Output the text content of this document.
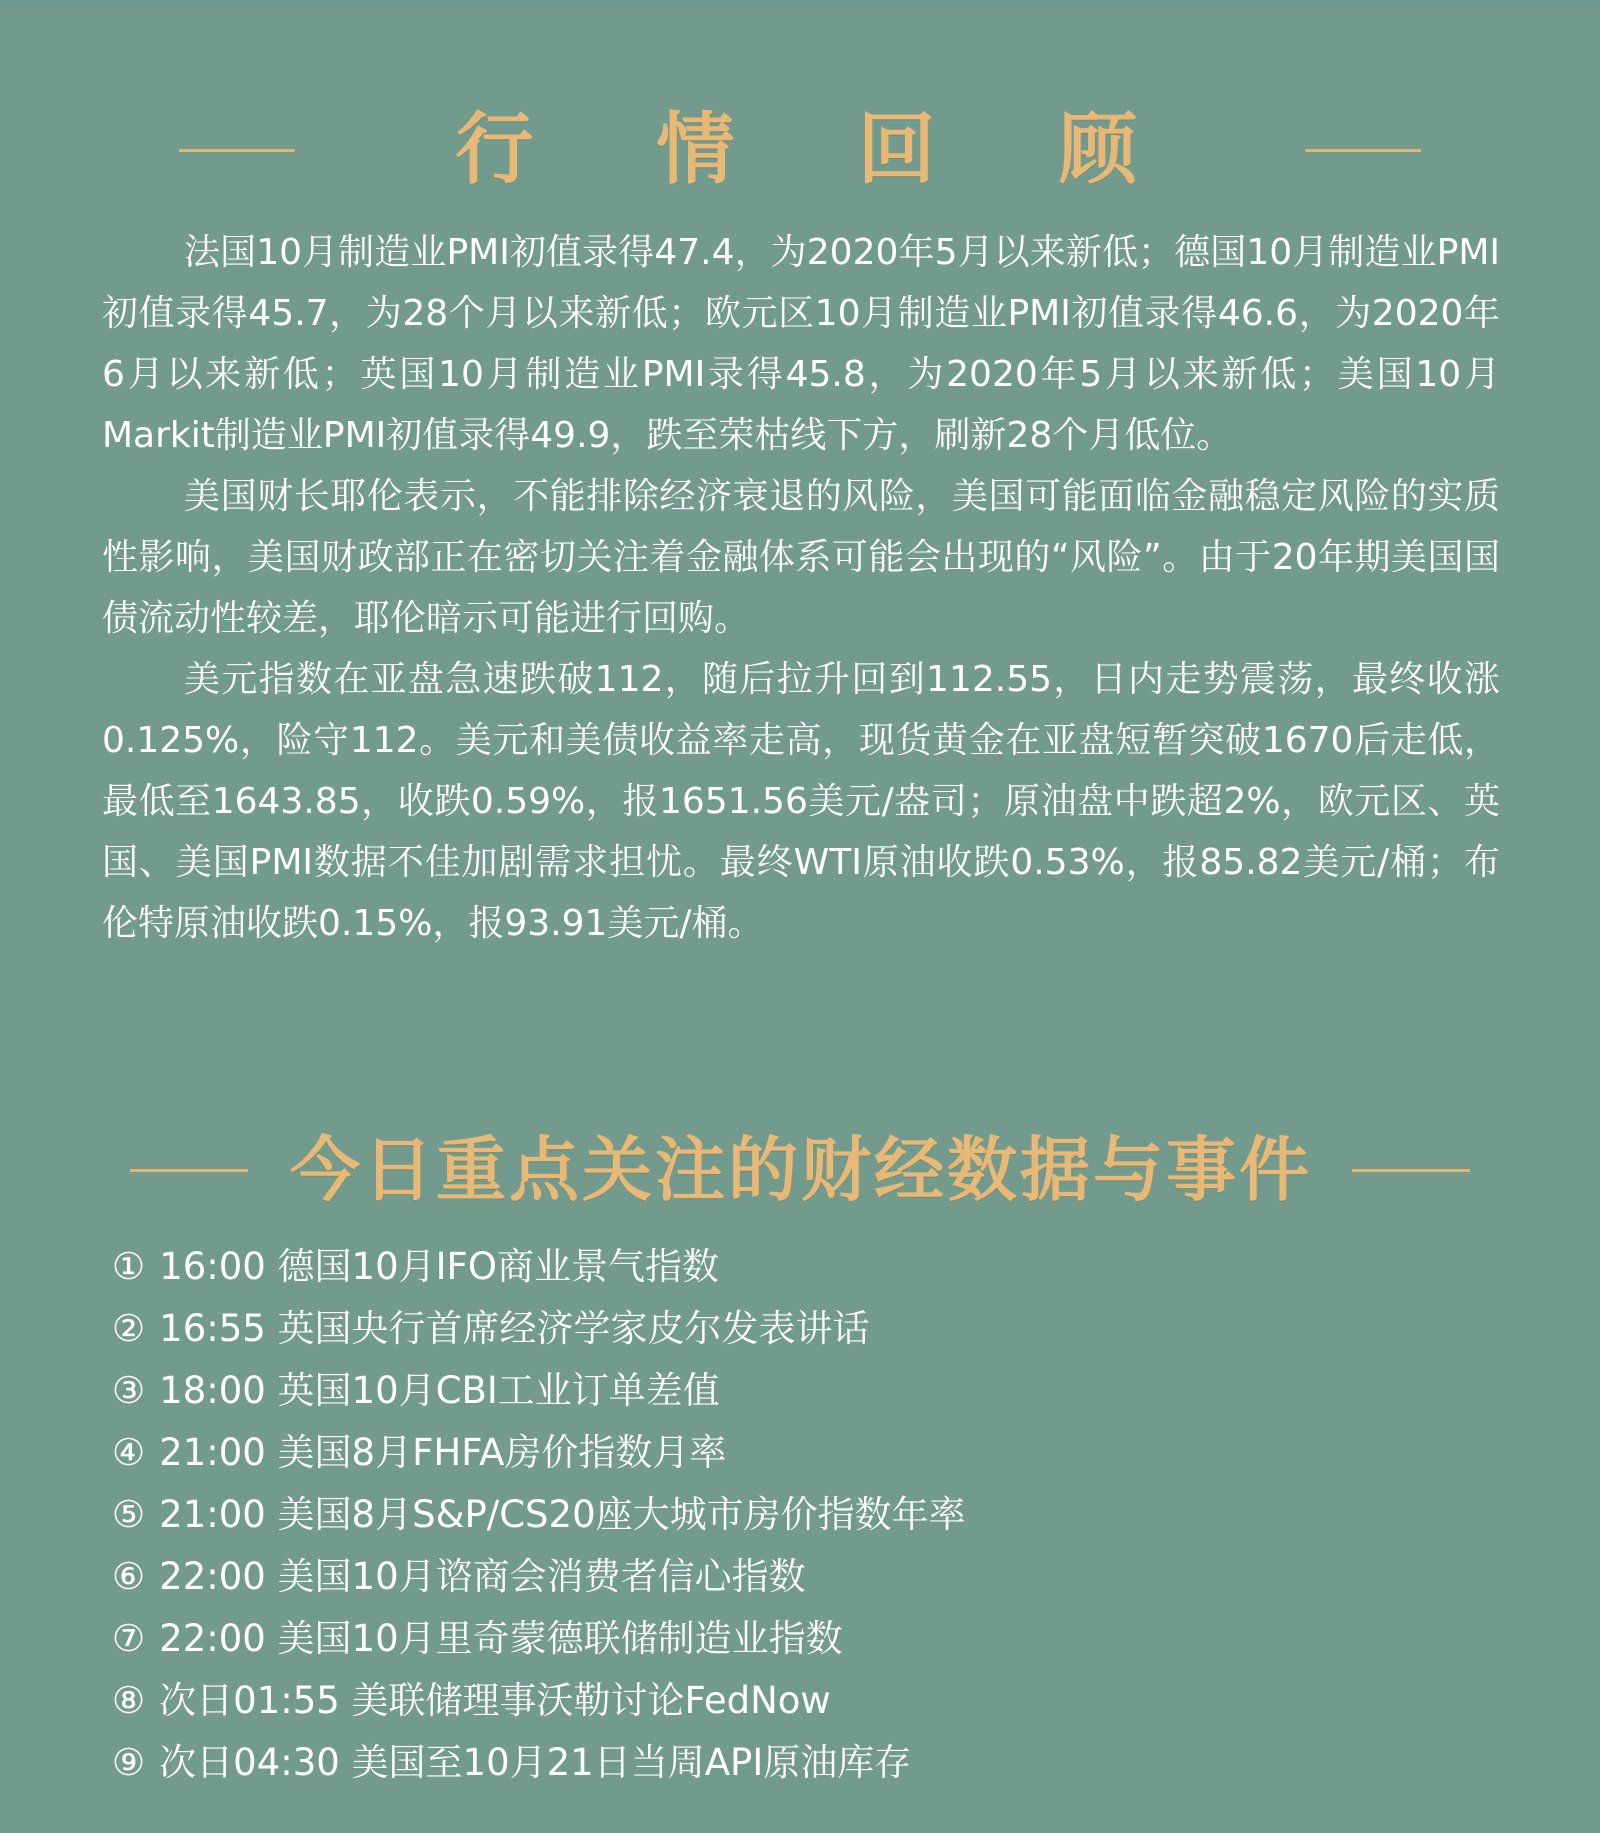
行 情 回 顾

法国10月制造业PMI初值录得47.4，为2020年5月以来新低；德国10月制造业PMI初值录得45.7，为28个月以来新低；欧元区10月制造业PMI初值录得46.6，为2020年6月以来新低；英国10月制造业PMI录得45.8，为2020年5月以来新低；美国10月Markit制造业PMI初值录得49.9，跌至荣枯线下方，刷新28个月低位。

美国财长耶伦表示，不能排除经济衰退的风险，美国可能面临金融稳定风险的实质性影响，美国财政部正在密切关注着金融体系可能会出现的“风险”。由于20年期美国国债流动性较差，耶伦暗示可能进行回购。

美元指数在亚盘急速跌破112，随后拉升回到112.55，日内走势震荡，最终收涨0.125%，险守112。美元和美债收益率走高，现货黄金在亚盘短暂突破1670后走低，最低至1643.85，收跌0.59%，报1651.56美元/盎司；原油盘中跌超2%，欧元区、英国、美国PMI数据不佳加剧需求担忧。最终WTI原油收跌0.53%，报85.82美元/桶；布伦特原油收跌0.15%，报93.91美元/桶。

今日重点关注的财经数据与事件
① 16:00 德国10月IFO商业景气指数
② 16:55 英国央行首席经济学家皮尔发表讲话
③ 18:00 英国10月CBI工业订单差值
④ 21:00 美国8月FHFA房价指数月率
⑤ 21:00 美国8月S&P/CS20座大城市房价指数年率
⑥ 22:00 美国10月谘商会消费者信心指数
⑦ 22:00 美国10月里奇蒙德联储制造业指数
⑧ 次日01:55 美联储理事沃勒讨论FedNow
⑨ 次日04:30 美国至10月21日当周API原油库存
